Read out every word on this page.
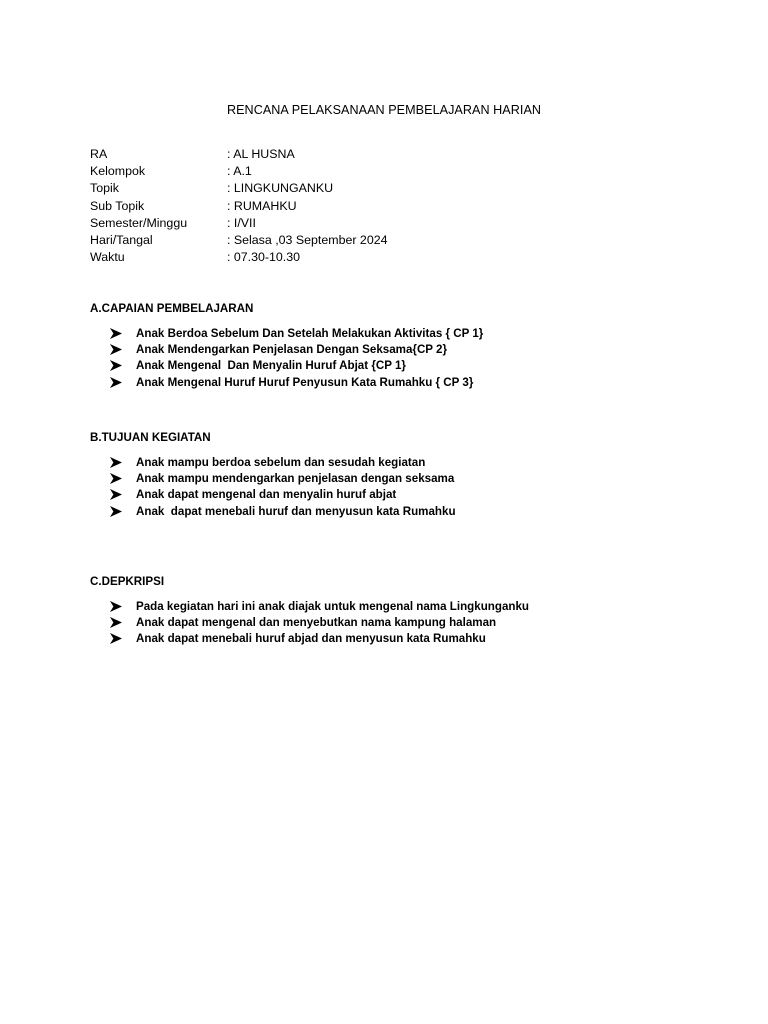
RENCANA PELAKSANAAN PEMBELAJARAN HARIAN
RA	: AL HUSNA
Kelompok	: A.1
Topik	: LINGKUNGANKU
Sub Topik	: RUMAHKU
Semester/Minggu	: I/VII
Hari/Tangal	: Selasa ,03 September 2024
Waktu	: 07.30-10.30
A.CAPAIAN PEMBELAJARAN
Anak Berdoa Sebelum Dan Setelah Melakukan Aktivitas { CP 1}
Anak Mendengarkan Penjelasan Dengan Seksama{CP 2}
Anak Mengenal  Dan Menyalin Huruf Abjat {CP 1}
Anak Mengenal Huruf Huruf Penyusun Kata Rumahku { CP 3}
B.TUJUAN KEGIATAN
Anak mampu berdoa sebelum dan sesudah kegiatan
Anak mampu mendengarkan penjelasan dengan seksama
Anak dapat mengenal dan menyalin huruf abjat
Anak  dapat menebali huruf dan menyusun kata Rumahku
C.DEPKRIPSI
Pada kegiatan hari ini anak diajak untuk mengenal nama Lingkunganku
Anak dapat mengenal dan menyebutkan nama kampung halaman
Anak dapat menebali huruf abjad dan menyusun kata Rumahku
